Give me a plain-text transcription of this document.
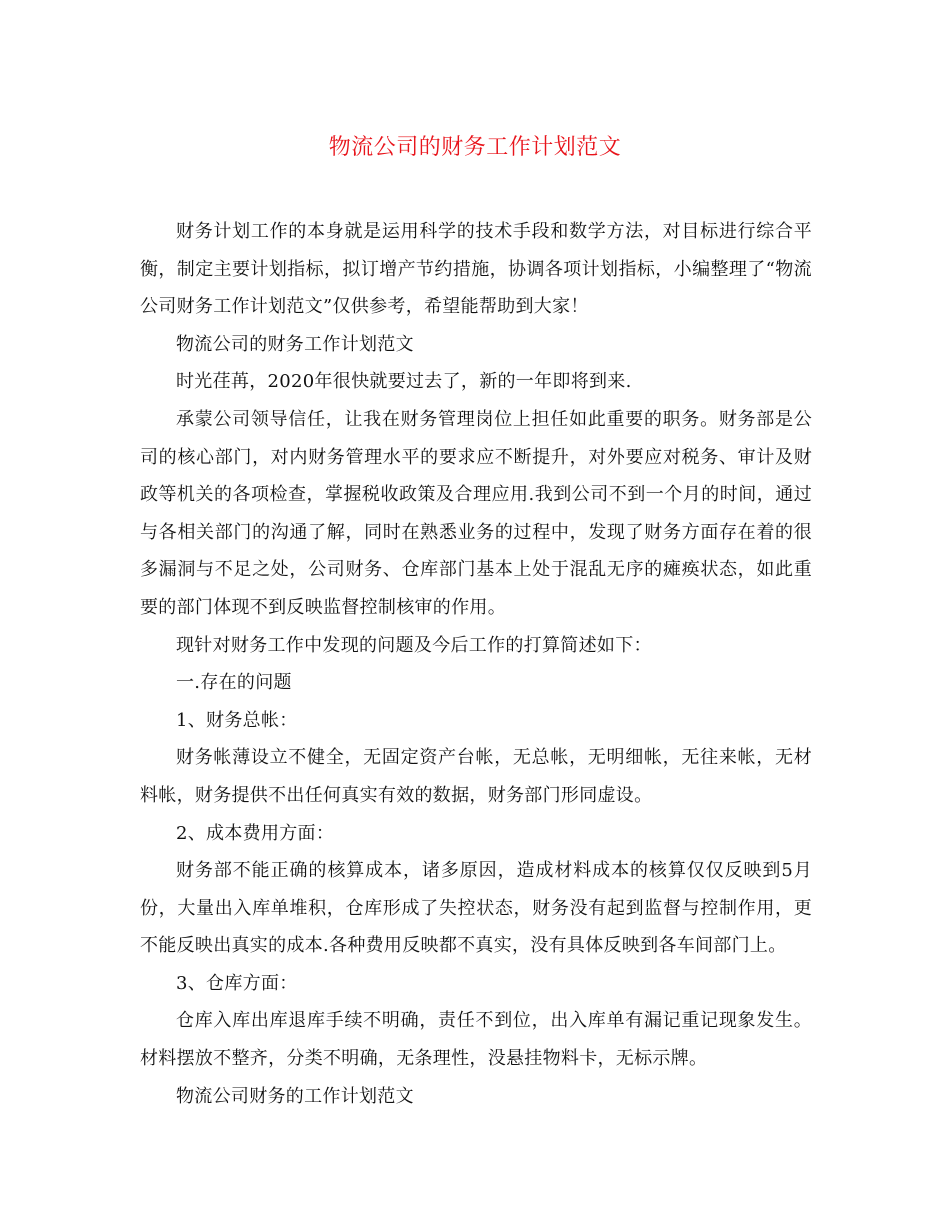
物流公司的财务工作计划范文

财务计划工作的本身就是运用科学的技术手段和数学方法，对目标进行综合平衡，制定主要计划指标，拟订增产节约措施，协调各项计划指标，小编整理了“物流公司财务工作计划范文”仅供参考，希望能帮助到大家！

物流公司的财务工作计划范文

时光荏苒，2020年很快就要过去了，新的一年即将到来.

承蒙公司领导信任，让我在财务管理岗位上担任如此重要的职务。财务部是公司的核心部门，对内财务管理水平的要求应不断提升，对外要应对税务、审计及财政等机关的各项检查，掌握税收政策及合理应用.我到公司不到一个月的时间，通过与各相关部门的沟通了解，同时在熟悉业务的过程中，发现了财务方面存在着的很多漏洞与不足之处，公司财务、仓库部门基本上处于混乱无序的瘫痪状态，如此重要的部门体现不到反映监督控制核审的作用。

现针对财务工作中发现的问题及今后工作的打算简述如下：

一.存在的问题

1、财务总帐：

财务帐薄设立不健全，无固定资产台帐，无总帐，无明细帐，无往来帐，无材料帐，财务提供不出任何真实有效的数据，财务部门形同虚设。

2、成本费用方面：

财务部不能正确的核算成本，诸多原因，造成材料成本的核算仅仅反映到5月份，大量出入库单堆积，仓库形成了失控状态，财务没有起到监督与控制作用，更不能反映出真实的成本.各种费用反映都不真实，没有具体反映到各车间部门上。

3、仓库方面：

仓库入库出库退库手续不明确，责任不到位，出入库单有漏记重记现象发生。材料摆放不整齐，分类不明确，无条理性，没悬挂物料卡，无标示牌。

物流公司财务的工作计划范文
